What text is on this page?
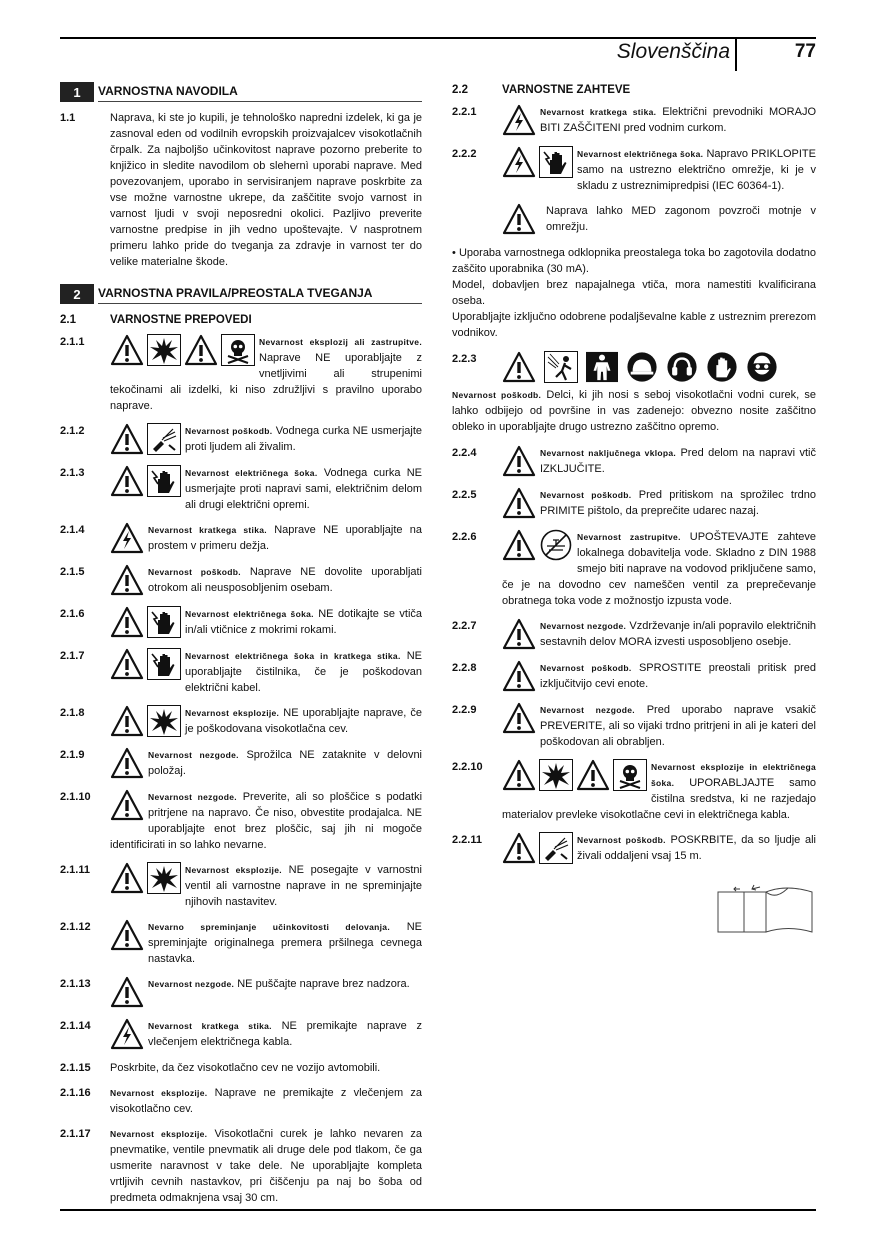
Slovenščina	77
1	VARNOSTNA NAVODILA
1.1	Naprava, ki ste jo kupili, je tehnološko napredni izdelek, ki ga je zasnoval eden od vodilnih evropskih proizvajalcev visokotlačnih črpalk. Za najboljšo učinkovitost naprave pozorno preberite to knjižico in sledite navodilom ob slehernì uporabi naprave. Med povezovanjem, uporabo in servisiranjem naprave poskrbite za vse možne varnostne ukrepe, da zaščitite svojo varnost in varnost ljudi v svoji neposredni okolici. Pazljivo preverite varnostne predpise in jih vedno upoštevajte. V nasprotnem primeru lahko pride do tveganja za zdravje in varnost ter do velike materialne škode.
2	VARNOSTNA PRAVILA/PREOSTALA TVEGANJA
2.1	VARNOSTNE PREPOVEDI
2.1.1	Nevarnost eksplozij ali zastrupitve. Naprave NE uporabljajte z vnetljivimi ali strupenimi tekočinami ali izdelki, ki niso združljivi s pravilno uporabo naprave.
2.1.2	Nevarnost poškodb. Vodnega curka NE usmerjajte proti ljudem ali živalim.
2.1.3	Nevarnost električnega šoka. Vodnega curka NE usmerjajte proti napravi sami, električnim delom ali drugi električni opremi.
2.1.4	Nevarnost kratkega stika. Naprave NE uporabljajte na prostem v primeru dežja.
2.1.5	Nevarnost poškodb. Naprave NE dovolite uporabljati otrokom ali neusposobljenim osebam.
2.1.6	Nevarnost električnega šoka. NE dotikajte se vtiča in/ali vtičnice z mokrimi rokami.
2.1.7	Nevarnost električnega šoka in kratkega stika. NE uporabljajte čistilnika, če je poškodovan električni kabel.
2.1.8	Nevarnost eksplozije. NE uporabljajte naprave, če je poškodovana visokotlačna cev.
2.1.9	Nevarnost nezgode. Sprožilca NE zataknite v delovni položaj.
2.1.10	Nevarnost nezgode. Preverite, ali so ploščice s podatki pritrjene na napravo. Če niso, obvestite prodajalca. NE uporabljajte enot brez ploščic, saj jih ni mogoče identificirati in so lahko nevarne.
2.1.11	Nevarnost eksplozije. NE posegajte v varnostni ventil ali varnostne naprave in ne spreminjajte njihovih nastavitev.
2.1.12	Nevarno spreminjanje učinkovitosti delovanja. NE spreminjajte originalnega premera pršilnega cevnega nastavka.
2.1.13	Nevarnost nezgode. NE puščajte naprave brez nadzora.
2.1.14	Nevarnost kratkega stika. NE premikajte naprave z vlečenjem električnega kabla.
2.1.15	Poskrbite, da čez visokotlačno cev ne vozijo avtomobili.
2.1.16	Nevarnost eksplozije. Naprave ne premikajte z vlečenjem za visokotlačno cev.
2.1.17	Nevarnost eksplozije. Visokotlačni curek je lahko nevaren za pnevmatike, ventile pnevmatik ali druge dele pod tlakom, če ga usmerite naravnost v take dele. Ne uporabljajte kompleta vrtljivih cevnih nastavkov, pri čiščenju pa naj bo šoba od predmeta odmaknjena vsaj 30 cm.
2.2	VARNOSTNE ZAHTEVE
2.2.1	Nevarnost kratkega stika. Električni prevodniki MORAJO BITI ZAŠČITENI pred vodnim curkom.
2.2.2	Nevarnost električnega šoka. Napravo PRIKLOPITE samo na ustrezno električno omrežje, ki je v skladu z ustreznimipredpisi (IEC 60364-1).
Naprava lahko MED zagonom povzroči motnje v omrežju.
• Uporaba varnostnega odklopnika preostalega toka bo zagotovila dodatno zaščito uporabnika (30 mA).
Model, dobavljen brez napajalnega vtiča, mora namestiti kvalificirana oseba.
Uporabljajte izključno odobrene podaljševalne kable z ustreznim prerezom vodnikov.
2.2.3
Nevarnost poškodb. Delci, ki jih nosi s seboj visokotlačni vodni curek, se lahko odbijejo od površine in vas zadenejo: obvezno nosite zaščitno obleko in uporabljajte drugo ustrezno zaščitno opremo.
2.2.4	Nevarnost naključnega vklopa. Pred delom na napravi vtič IZKLJUČITE.
2.2.5	Nevarnost poškodb. Pred pritiskom na sprožilec trdno PRIMITE pištolo, da preprečite udarec nazaj.
2.2.6	Nevarnost zastrupitve. UPOŠTEVAJTE zahteve lokalnega dobavitelja vode. Skladno z DIN 1988 smejo biti naprave na vodovod priključene samo, če je na dovodno cev nameščen ventil za preprečevanje obratnega toka vode z možnostjo izpusta vode.
2.2.7	Nevarnost nezgode. Vzdrževanje in/ali popravilo električnih sestavnih delov MORA izvesti usposobljeno osebje.
2.2.8	Nevarnost poškodb. SPROSTITE preostali pritisk pred izključitvijo cevi enote.
2.2.9	Nevarnost nezgode. Pred uporabo naprave vsakič PREVERITE, ali so vijaki trdno pritrjeni in ali je kateri del poškodovan ali obrabljen.
2.2.10	Nevarnost eksplozije in električnega šoka. UPORABLJAJTE samo čistilna sredstva, ki ne razjedajo materialov prevleke visokotlačne cevi in električnega kabla.
2.2.11	Nevarnost poškodb. POSKRBITE, da so ljudje ali živali oddaljeni vsaj 15 m.
